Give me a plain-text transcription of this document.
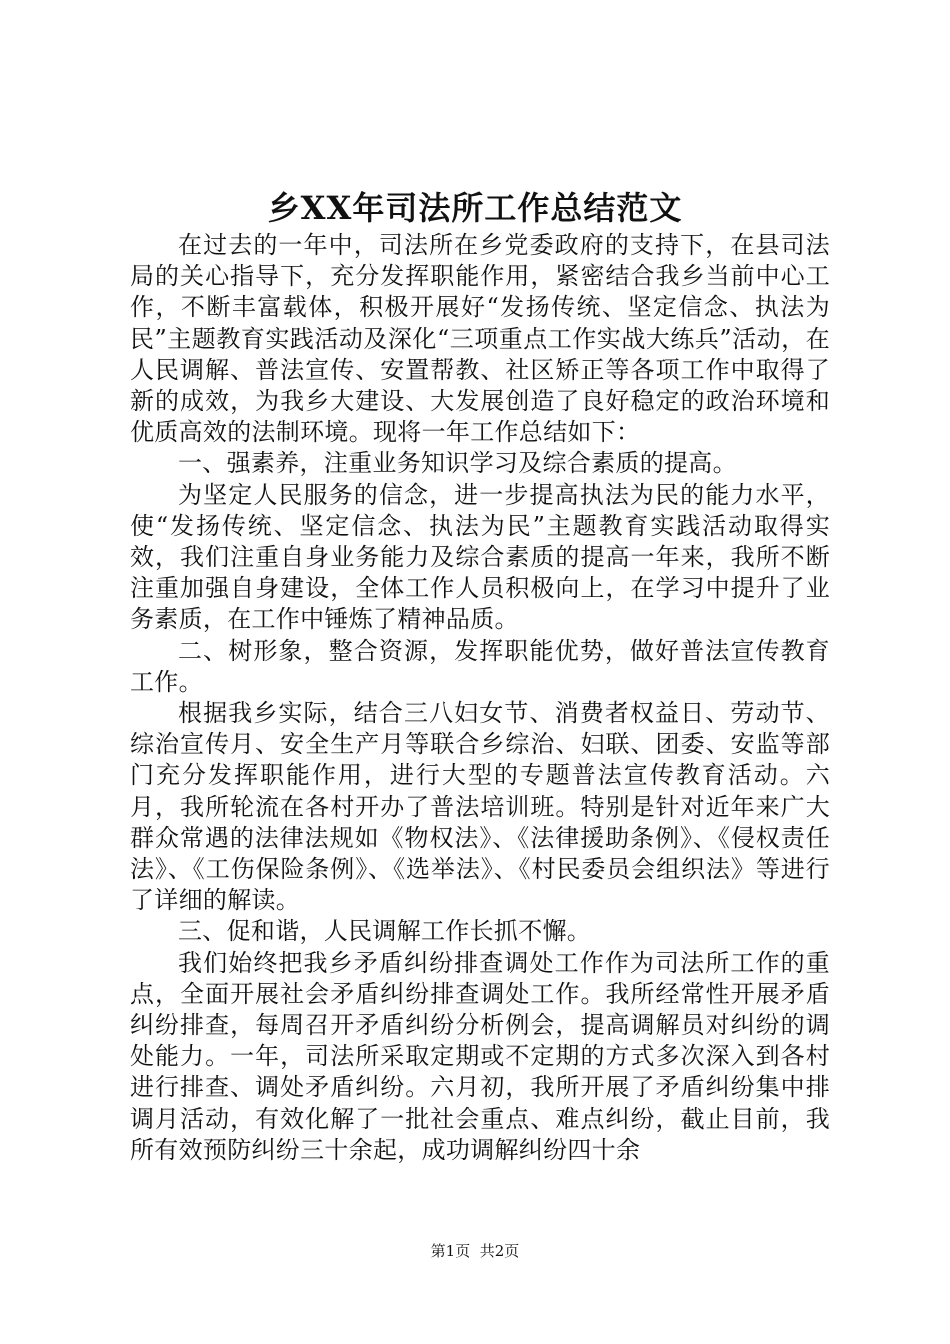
乡XX年司法所工作总结范文

在过去的一年中，司法所在乡党委政府的支持下，在县司法局的关心指导下，充分发挥职能作用，紧密结合我乡当前中心工作，不断丰富载体，积极开展好“发扬传统、坚定信念、执法为民”主题教育实践活动及深化“三项重点工作实战大练兵”活动，在人民调解、普法宣传、安置帮教、社区矫正等各项工作中取得了新的成效，为我乡大建设、大发展创造了良好稳定的政治环境和优质高效的法制环境。现将一年工作总结如下：

一、强素养，注重业务知识学习及综合素质的提高。

为坚定人民服务的信念，进一步提高执法为民的能力水平，使“发扬传统、坚定信念、执法为民”主题教育实践活动取得实效，我们注重自身业务能力及综合素质的提高一年来，我所不断注重加强自身建设，全体工作人员积极向上，在学习中提升了业务素质，在工作中锤炼了精神品质。

二、树形象，整合资源，发挥职能优势，做好普法宣传教育工作。

根据我乡实际，结合三八妇女节、消费者权益日、劳动节、综治宣传月、安全生产月等联合乡综治、妇联、团委、安监等部门充分发挥职能作用，进行大型的专题普法宣传教育活动。六月，我所轮流在各村开办了普法培训班。特别是针对近年来广大群众常遇的法律法规如《物权法》、《法律援助条例》、《侵权责任法》、《工伤保险条例》、《选举法》、《村民委员会组织法》等进行了详细的解读。

三、促和谐，人民调解工作长抓不懈。

我们始终把我乡矛盾纠纷排查调处工作作为司法所工作的重点，全面开展社会矛盾纠纷排查调处工作。我所经常性开展矛盾纠纷排查，每周召开矛盾纠纷分析例会，提高调解员对纠纷的调处能力。一年，司法所采取定期或不定期的方式多次深入到各村进行排查、调处矛盾纠纷。六月初，我所开展了矛盾纠纷集中排调月活动，有效化解了一批社会重点、难点纠纷，截止目前，我所有效预防纠纷三十余起，成功调解纠纷四十余

第1页 共2页
